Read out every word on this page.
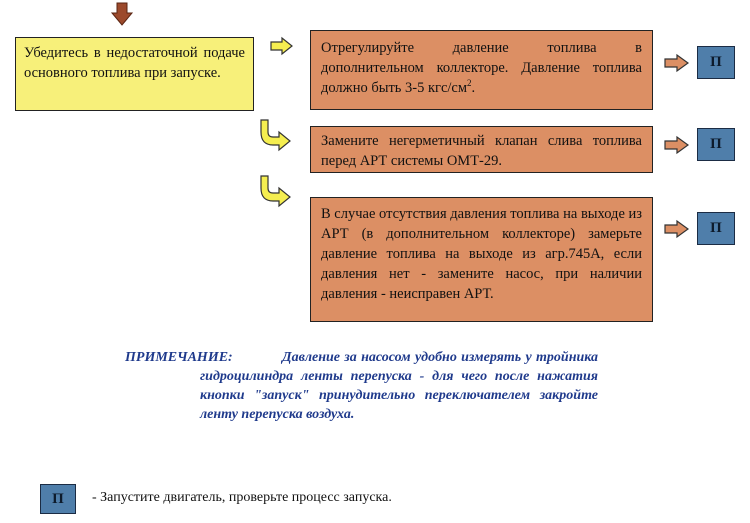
Убедитесь в недостаточной подаче основного топлива при запуске.
Отрегулируйте давление топлива в дополнительном коллекторе. Давление топлива должно быть 3-5 кгс/$см^2$.
Замените негерметичный клапан слива топлива перед АРТ системы ОМТ-29.
В случае отсутствия давления топлива на выходе из АРТ (в дополнительном коллекторе) замерьте давление топлива на выходе из агр.745А, если давления нет - замените насос, при наличии давления - неисправен АРТ.
П
П
П
ПРИМЕЧАНИЕ:	Давление за насосом удобно измерять у тройника гидроцилиндра ленты перепуска - для чего после нажатия кнопки "запуск" принудительно переключателем закройте ленту перепуска воздуха.
П	- Запустите двигатель, проверьте процесс запуска.
